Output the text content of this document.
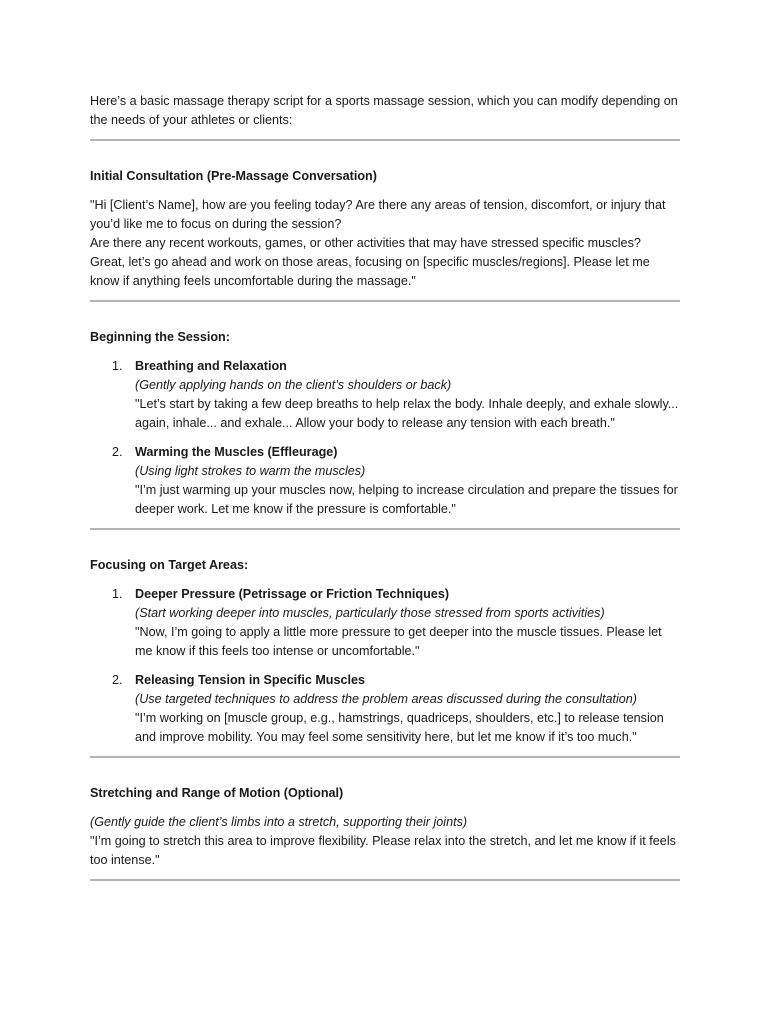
Here’s a basic massage therapy script for a sports massage session, which you can modify depending on the needs of your athletes or clients:

Initial Consultation (Pre-Massage Conversation)

"Hi [Client’s Name], how are you feeling today? Are there any areas of tension, discomfort, or injury that you’d like me to focus on during the session?

Are there any recent workouts, games, or other activities that may have stressed specific muscles?

Great, let’s go ahead and work on those areas, focusing on [specific muscles/regions]. Please let me know if anything feels uncomfortable during the massage."

Beginning the Session:

1. Breathing and Relaxation

(Gently applying hands on the client’s shoulders or back)

"Let’s start by taking a few deep breaths to help relax the body. Inhale deeply, and exhale slowly... again, inhale... and exhale... Allow your body to release any tension with each breath."

2. Warming the Muscles (Effleurage)

(Using light strokes to warm the muscles)

"I’m just warming up your muscles now, helping to increase circulation and prepare the tissues for deeper work. Let me know if the pressure is comfortable."

Focusing on Target Areas:

1. Deeper Pressure (Petrissage or Friction Techniques)

(Start working deeper into muscles, particularly those stressed from sports activities)

"Now, I’m going to apply a little more pressure to get deeper into the muscle tissues. Please let me know if this feels too intense or uncomfortable."

2. Releasing Tension in Specific Muscles

(Use targeted techniques to address the problem areas discussed during the consultation)

"I’m working on [muscle group, e.g., hamstrings, quadriceps, shoulders, etc.] to release tension and improve mobility. You may feel some sensitivity here, but let me know if it’s too much."

Stretching and Range of Motion (Optional)

(Gently guide the client’s limbs into a stretch, supporting their joints)

"I’m going to stretch this area to improve flexibility. Please relax into the stretch, and let me know if it feels too intense."
